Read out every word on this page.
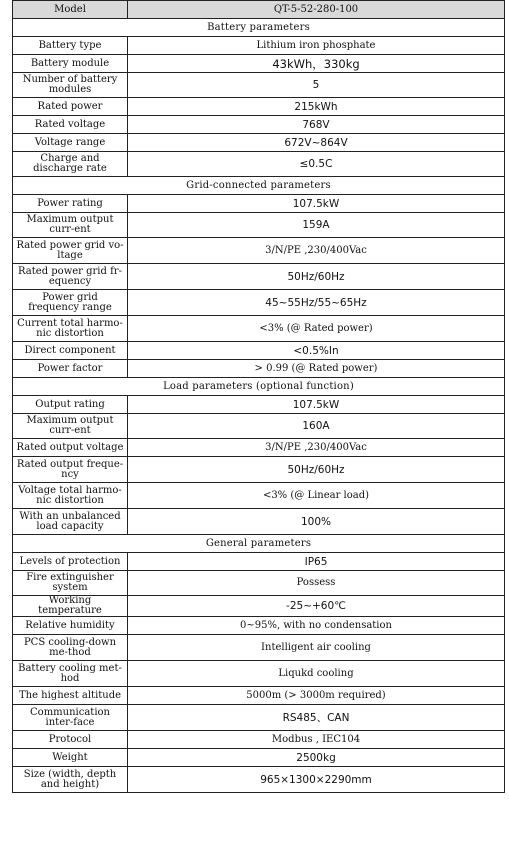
Model	QT-5-52-280-100
Battery parameters	
Battery type	Lithium iron phosphate
Battery module	43kWh，330kg
Number of battery modules	5
Rated power	215kWh
Rated voltage	768V
Voltage range	672V~864V
Charge and discharge rate	≤0.5C
Grid-connected parameters	
Power rating	107.5kW
Maximum output curr-ent	159A
Rated power grid vo-ltage	3/N/PE ,230/400Vac
Rated power grid fr-equency	50Hz/60Hz
Power grid frequency range	45~55Hz/55~65Hz
Current total harmo-nic distortion	<3% (@ Rated power)
Direct component	<0.5%In
Power factor	> 0.99 (@ Rated power)
Load parameters (optional function)	
Output rating	107.5kW
Maximum output curr-ent	160A
Rated output voltage	3/N/PE ,230/400Vac
Rated output freque-ncy	50Hz/60Hz
Voltage total harmo-nic distortion	<3% (@ Linear load)
With an unbalanced load capacity	100%
General parameters	
Levels of protection	IP65
Fire extinguisher system	Possess
Working temperature	-25~+60℃
Relative humidity	0~95%, with no condensation
PCS cooling-down me-thod	Intelligent air cooling
Battery cooling met-hod	Liqukd cooling
The highest altitude	5000m (> 3000m required)
Communication inter-face	RS485、CAN
Protocol	Modbus , IEC104
Weight	2500kg
Size (width, depth and height)	965×1300×2290mm
